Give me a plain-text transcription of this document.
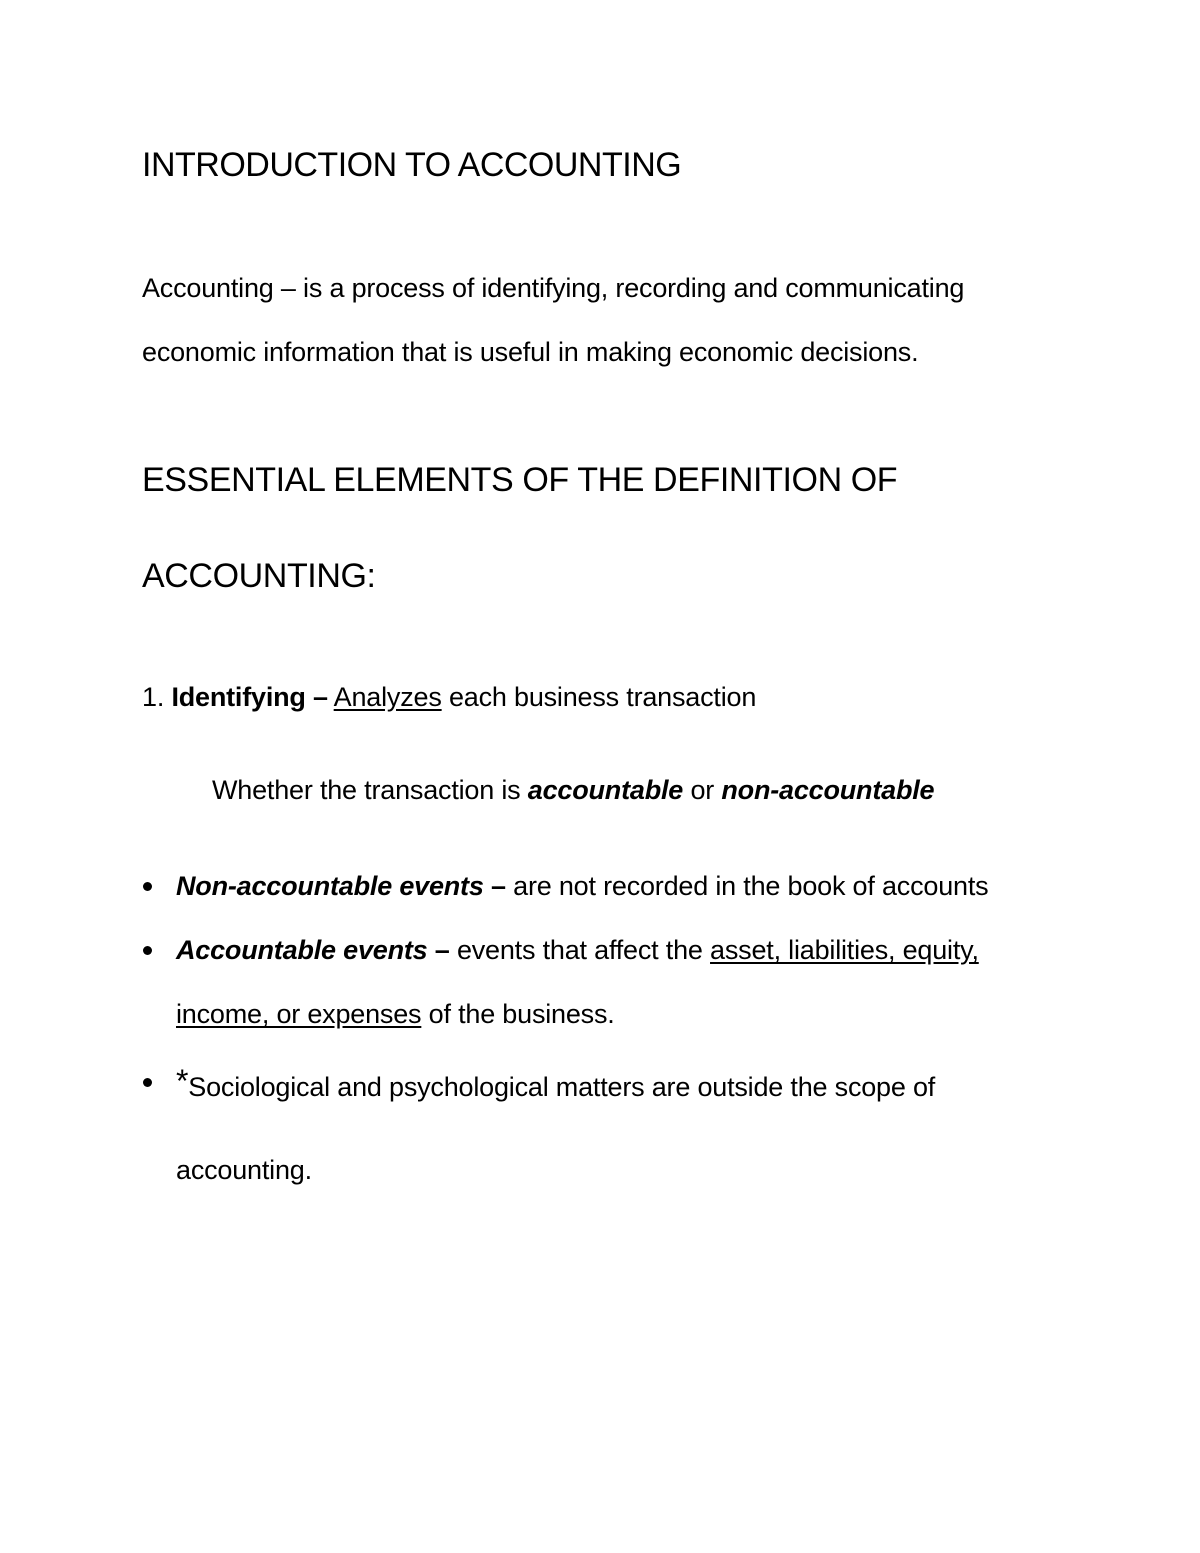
INTRODUCTION TO ACCOUNTING
Accounting – is a process of identifying, recording and communicating
economic information that is useful in making economic decisions.
ESSENTIAL ELEMENTS OF THE DEFINITION OF
ACCOUNTING:
1. Identifying – Analyzes each business transaction
Whether the transaction is accountable or non-accountable
Non-accountable events – are not recorded in the book of accounts
Accountable events – events that affect the asset, liabilities, equity,
income, or expenses of the business.
*Sociological and psychological matters are outside the scope of
accounting.
